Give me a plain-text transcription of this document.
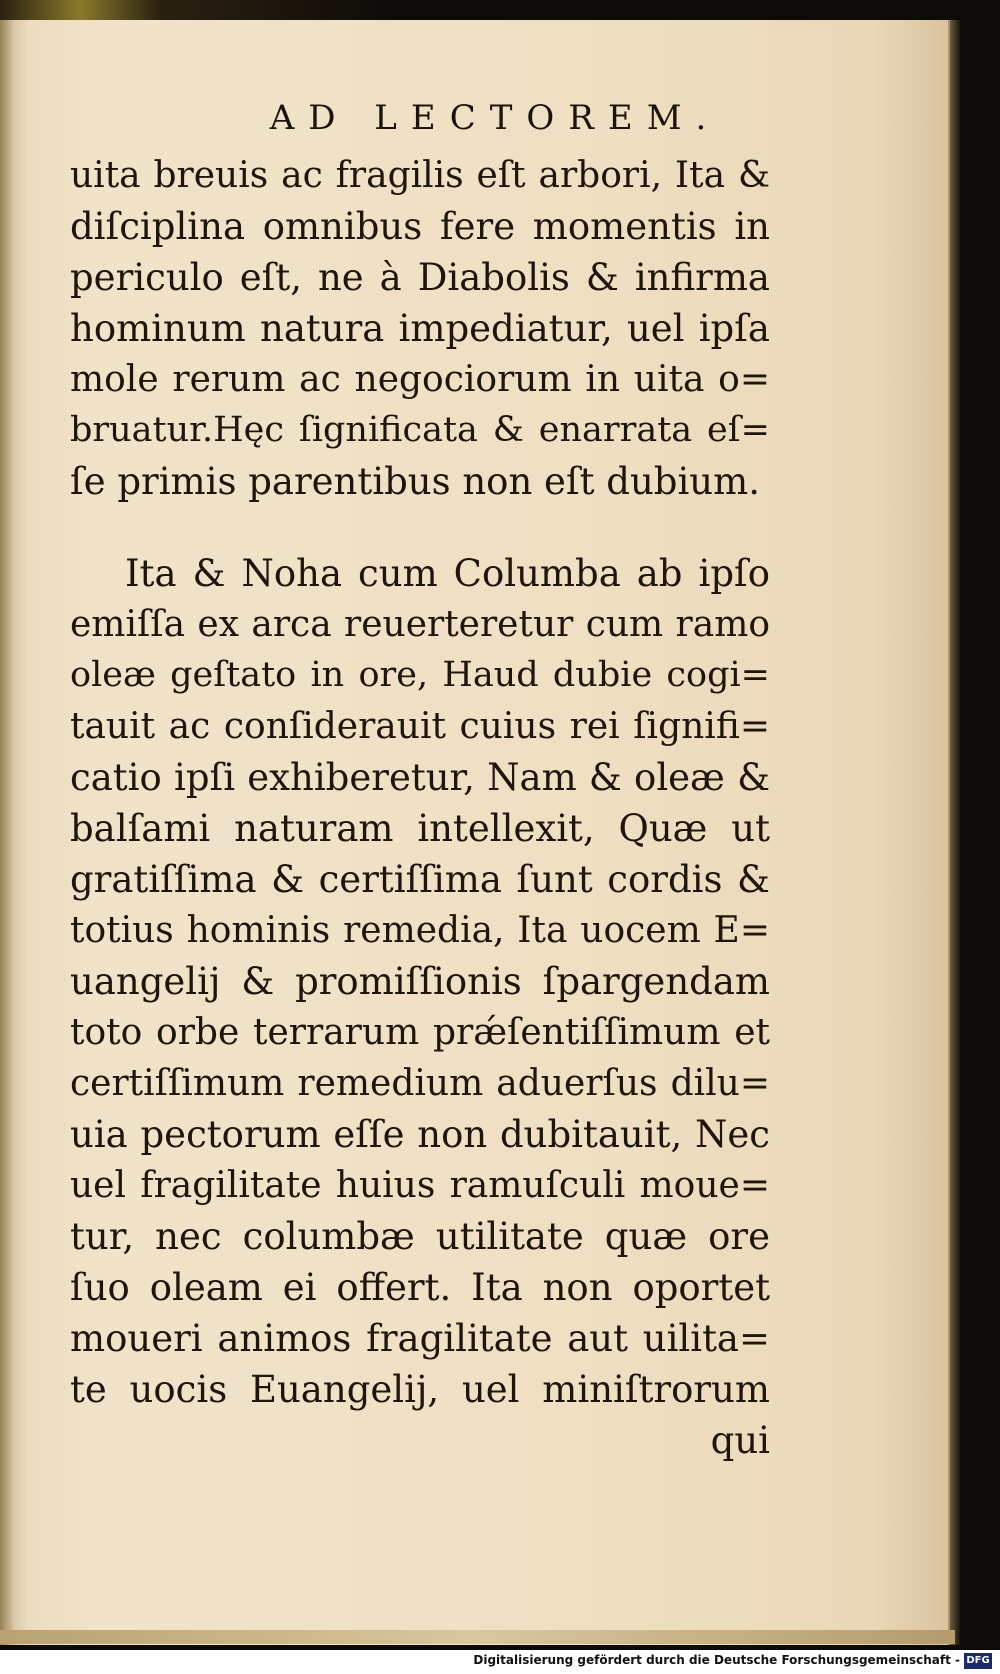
AD LECTOREM.
uita breuis ac fragilis eſt arbori, Ita &
diſciplina omnibus fere momentis in
periculo eſt, ne à Diabolis & infirma
hominum natura impediatur, uel ipſa
mole rerum ac negociorum in uita o=
bruatur.Hęc ſignificata & enarrata eſ=
ſe primis parentibus non eſt dubium.
Ita & Noha cum Columba ab ipſo
emiſſa ex arca reuerteretur cum ramo
oleæ geſtato in ore, Haud dubie cogi=
tauit ac conſiderauit cuius rei ſignifi=
catio ipſi exhiberetur, Nam & oleæ &
balſami naturam intellexit, Quæ ut
gratiſſima & certiſſima ſunt cordis &
totius hominis remedia, Ita uocem E=
uangelij & promiſſionis ſpargendam
toto orbe terrarum prǽſentiſſimum et
certiſſimum remedium aduerſus dilu=
uia pectorum eſſe non dubitauit, Nec
uel fragilitate huius ramuſculi moue=
tur, nec columbæ utilitate quæ ore
ſuo oleam ei offert. Ita non oportet
moueri animos fragilitate aut uilita=
te uocis Euangelij, uel miniſtrorum
qui
Digitalisierung gefördert durch die Deutsche Forschungsgemeinschaft - DFG
